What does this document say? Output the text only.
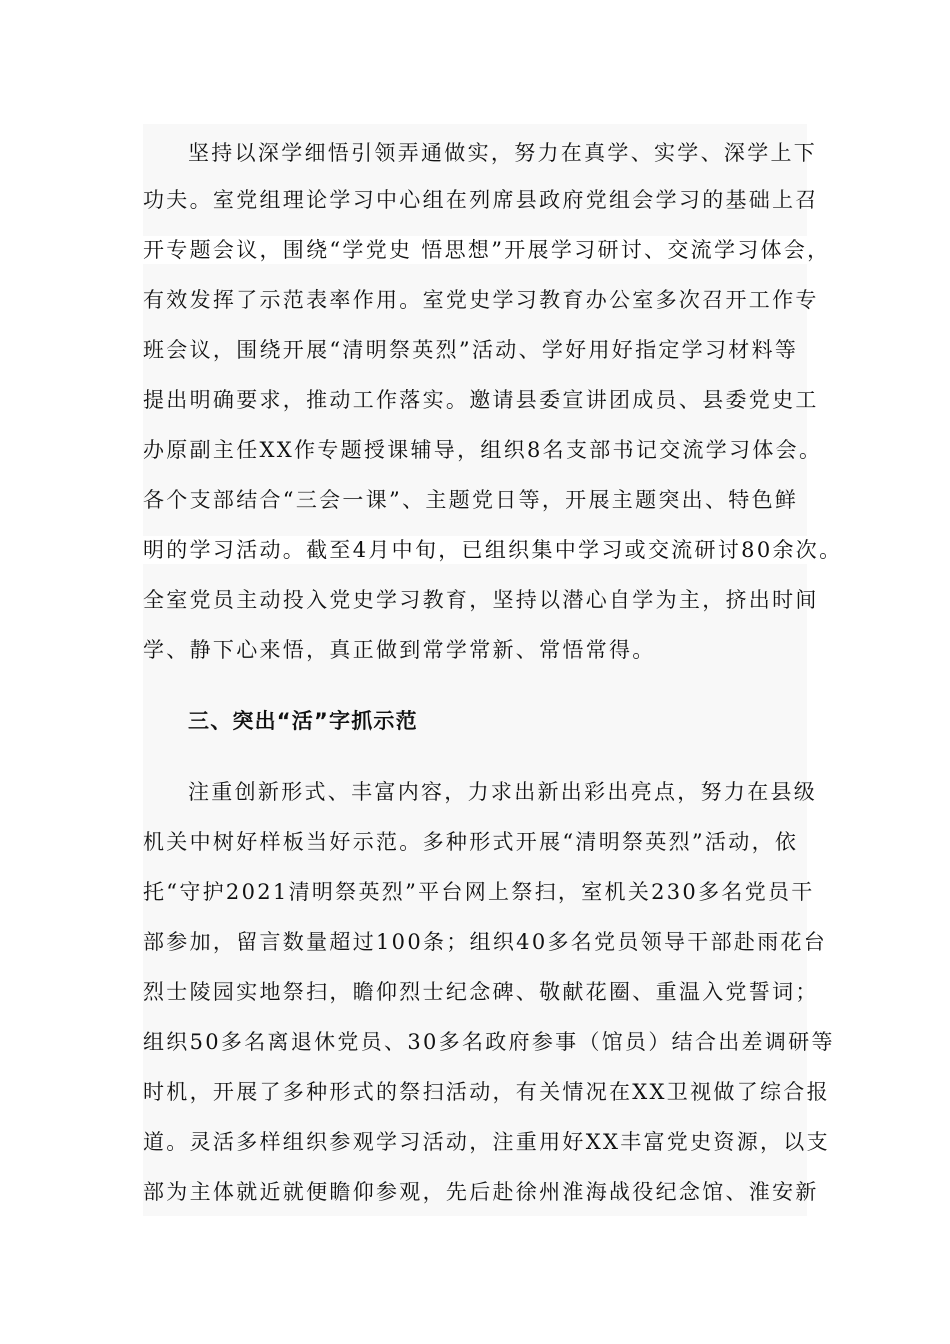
坚持以深学细悟引领弄通做实，努力在真学、实学、深学上下
功夫。室党组理论学习中心组在列席县政府党组会学习的基础上召
开专题会议，围绕“学党史 悟思想”开展学习研讨、交流学习体会，
有效发挥了示范表率作用。室党史学习教育办公室多次召开工作专
班会议，围绕开展“清明祭英烈”活动、学好用好指定学习材料等
提出明确要求，推动工作落实。邀请县委宣讲团成员、县委党史工
办原副主任XX作专题授课辅导，组织8名支部书记交流学习体会。
各个支部结合“三会一课”、主题党日等，开展主题突出、特色鲜
明的学习活动。截至4月中旬，已组织集中学习或交流研讨80余次。
全室党员主动投入党史学习教育，坚持以潜心自学为主，挤出时间
学、静下心来悟，真正做到常学常新、常悟常得。
三、突出“活”字抓示范
注重创新形式、丰富内容，力求出新出彩出亮点，努力在县级
机关中树好样板当好示范。多种形式开展“清明祭英烈”活动，依
托“守护2021清明祭英烈”平台网上祭扫，室机关230多名党员干
部参加，留言数量超过100条；组织40多名党员领导干部赴雨花台
烈士陵园实地祭扫，瞻仰烈士纪念碑、敬献花圈、重温入党誓词；
组织50多名离退休党员、30多名政府参事（馆员）结合出差调研等
时机，开展了多种形式的祭扫活动，有关情况在XX卫视做了综合报
道。灵活多样组织参观学习活动，注重用好XX丰富党史资源，以支
部为主体就近就便瞻仰参观，先后赴徐州淮海战役纪念馆、淮安新
